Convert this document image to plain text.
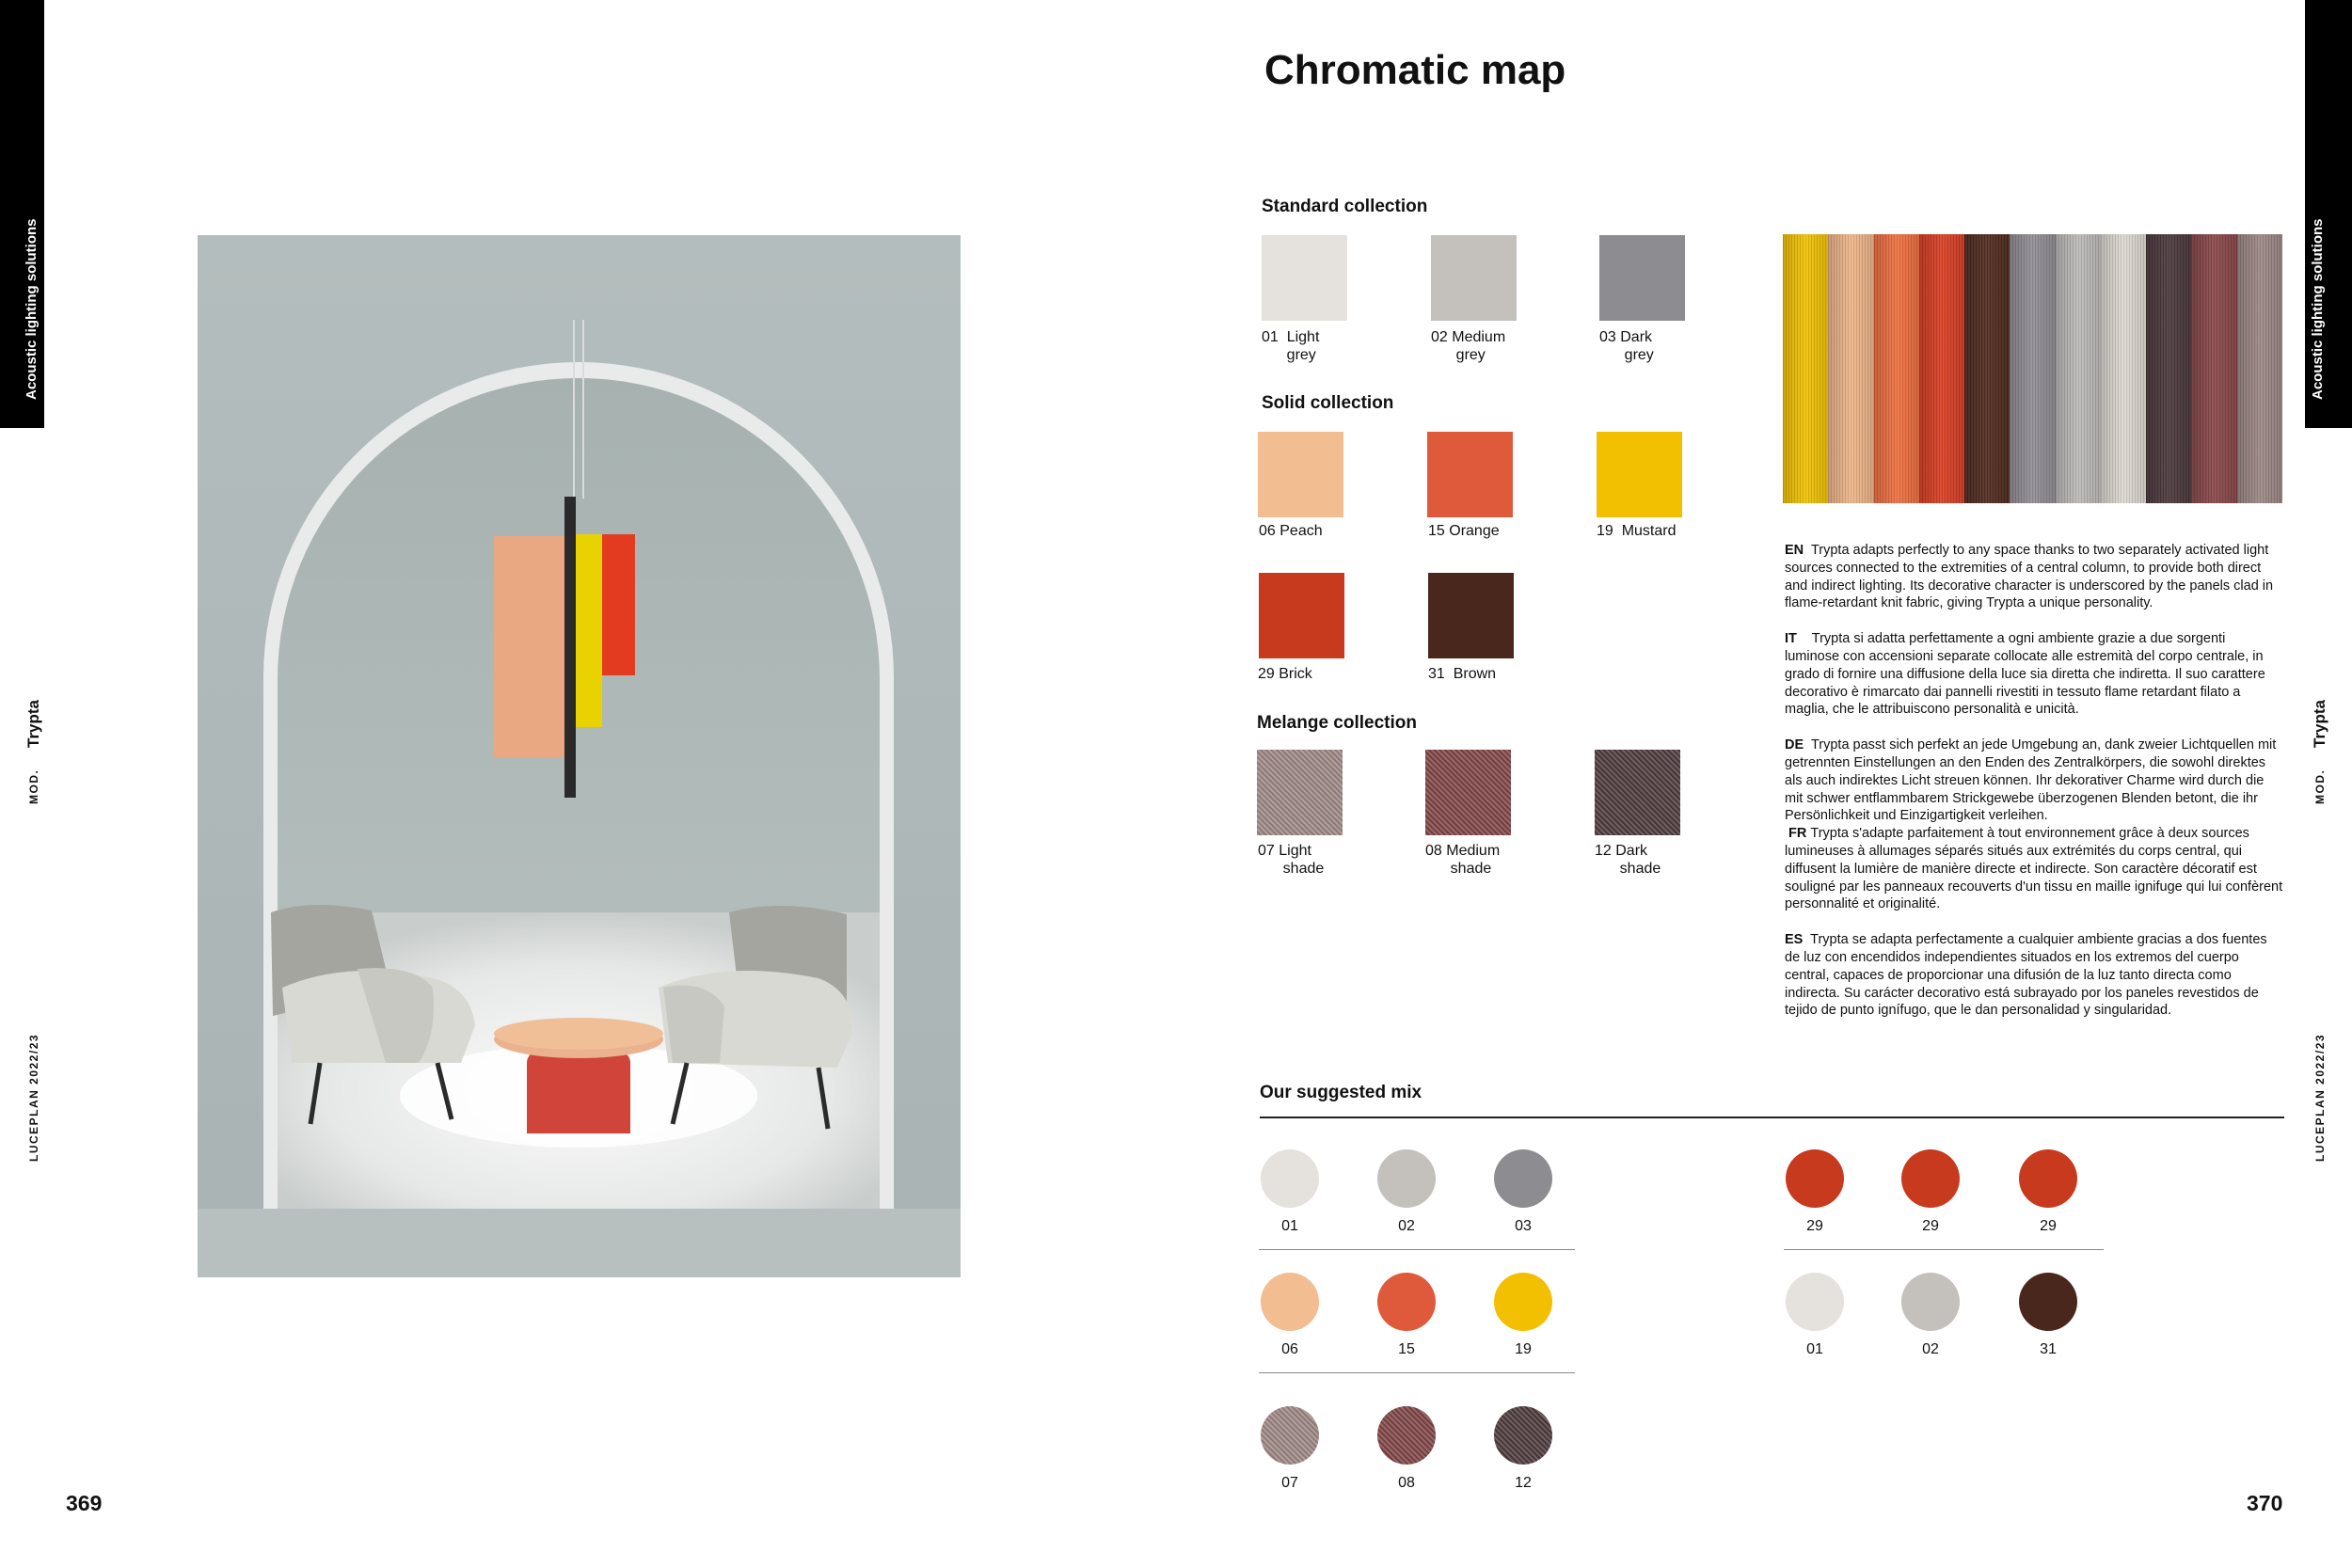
Acoustic lighting solutions
MOD.
Trypta
LUCEPLAN 2022/23
369
Acoustic lighting solutions
MOD.
Trypta
LUCEPLAN 2022/23
370
Chromatic map
Standard collection
01  Light
grey
02 Medium
grey
03 Dark
grey
Solid collection
06 Peach	15 Orange	19  Mustard
29 Brick	31  Brown
Melange collection
07 Light
shade
08 Medium
shade
12 Dark
shade

EN Trypta adapts perfectly to any space thanks to two separately activated light sources connected to the extremities of a central column, to provide both direct and indirect lighting. Its decorative character is underscored by the panels clad in flame-retardant knit fabric, giving Trypta a unique personality.

IT Trypta si adatta perfettamente a ogni ambiente grazie a due sorgenti luminose con accensioni separate collocate alle estremità del corpo centrale, in grado di fornire una diffusione della luce sia diretta che indiretta. Il suo carattere decorativo è rimarcato dai pannelli rivestiti in tessuto flame retardant filato a maglia, che le attribuiscono personalità e unicità.

DE Trypta passt sich perfekt an jede Umgebung an, dank zweier Lichtquellen mit getrennten Einstellungen an den Enden des Zentralkörpers, die sowohl direktes als auch indirektes Licht streuen können. Ihr dekorativer Charme wird durch die mit schwer entflammbarem Strickgewebe überzogenen Blenden betont, die ihr Persönlichkeit und Einzigartigkeit verleihen.

FR Trypta s'adapte parfaitement à tout environnement grâce à deux sources lumineuses à allumages séparés situés aux extrémités du corps central, qui diffusent la lumière de manière directe et indirecte. Son caractère décoratif est souligné par les panneaux recouverts d'un tissu en maille ignifuge qui lui confèrent personnalité et originalité.

ES Trypta se adapta perfectamente a cualquier ambiente gracias a dos fuentes de luz con encendidos independientes situados en los extremos del cuerpo central, capaces de proporcionar una difusión de la luz tanto directa como indirecta. Su carácter decorativo está subrayado por los paneles revestidos de tejido de punto ignífugo, que le dan personalidad y singularidad.

Our suggested mix
01	02	03
06	15	19
07	08	12
29	29	29
01	02	31
